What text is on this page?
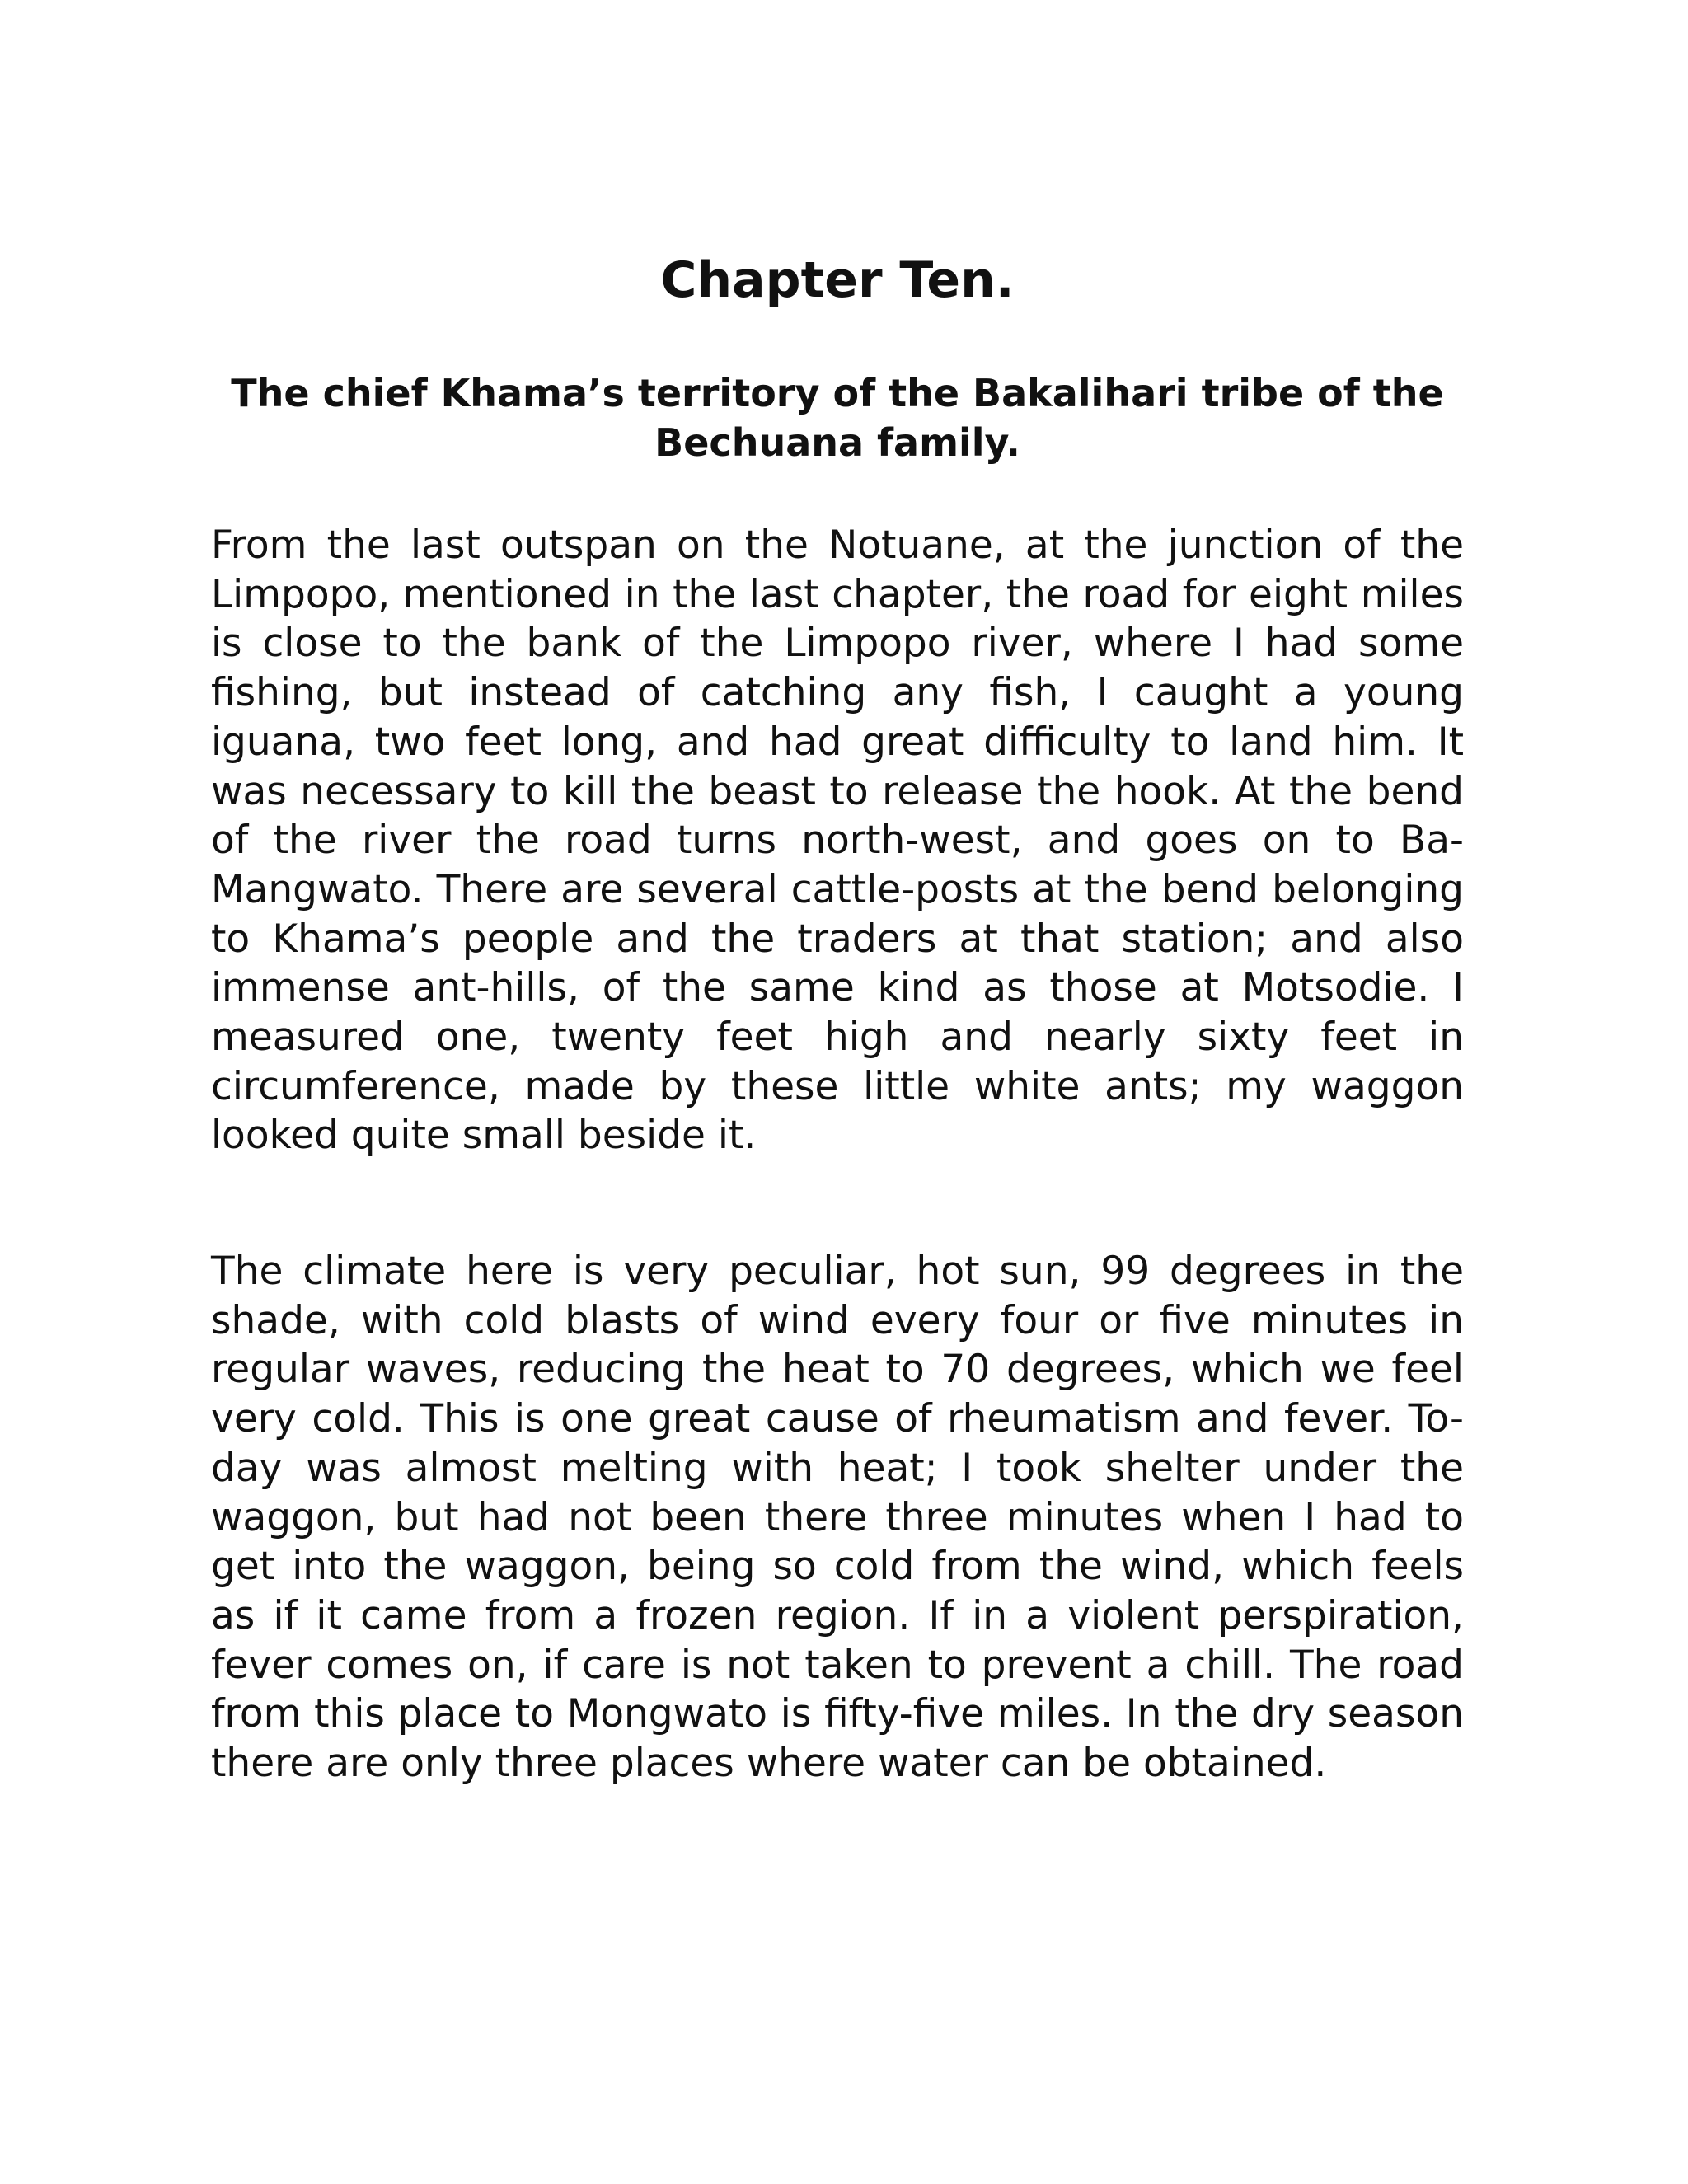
Chapter Ten.
The chief Khama’s territory of the Bakalihari tribe of the Bechuana family.

From the last outspan on the Notuane, at the junction of the Limpopo, mentioned in the last chapter, the road for eight miles is close to the bank of the Limpopo river, where I had some fishing, but instead of catching any fish, I caught a young iguana, two feet long, and had great difficulty to land him. It was necessary to kill the beast to release the hook. At the bend of the river the road turns north-west, and goes on to Ba-Mangwato. There are several cattle-posts at the bend belonging to Khama’s people and the traders at that station; and also immense ant-hills, of the same kind as those at Motsodie. I measured one, twenty feet high and nearly sixty feet in circumference, made by these little white ants; my waggon looked quite small beside it.

The climate here is very peculiar, hot sun, 99 degrees in the shade, with cold blasts of wind every four or five minutes in regular waves, reducing the heat to 70 degrees, which we feel very cold. This is one great cause of rheumatism and fever. To-day was almost melting with heat; I took shelter under the waggon, but had not been there three minutes when I had to get into the waggon, being so cold from the wind, which feels as if it came from a frozen region. If in a violent perspiration, fever comes on, if care is not taken to prevent a chill. The road from this place to Mongwato is fifty-five miles. In the dry season there are only three places where water can be obtained.
